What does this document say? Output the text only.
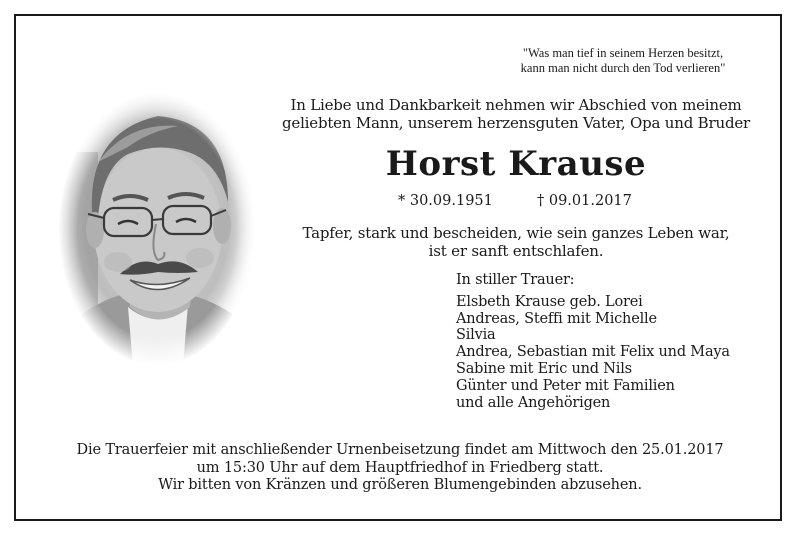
"Was man tief in seinem Herzen besitzt,
kann man nicht durch den Tod verlieren"
In Liebe und Dankbarkeit nehmen wir Abschied von meinem
geliebten Mann, unserem herzensguten Vater, Opa und Bruder
Horst Krause
* 30.09.1951	† 09.01.2017
Tapfer, stark und bescheiden, wie sein ganzes Leben war,
ist er sanft entschlafen.
In stiller Trauer:
Elsbeth Krause geb. Lorei
Andreas, Steffi mit Michelle
Silvia
Andrea, Sebastian mit Felix und Maya
Sabine mit Eric und Nils
Günter und Peter mit Familien
und alle Angehörigen
Die Trauerfeier mit anschließender Urnenbeisetzung findet am Mittwoch den 25.01.2017
um 15:30 Uhr auf dem Hauptfriedhof in Friedberg statt.
Wir bitten von Kränzen und größeren Blumengebinden abzusehen.
